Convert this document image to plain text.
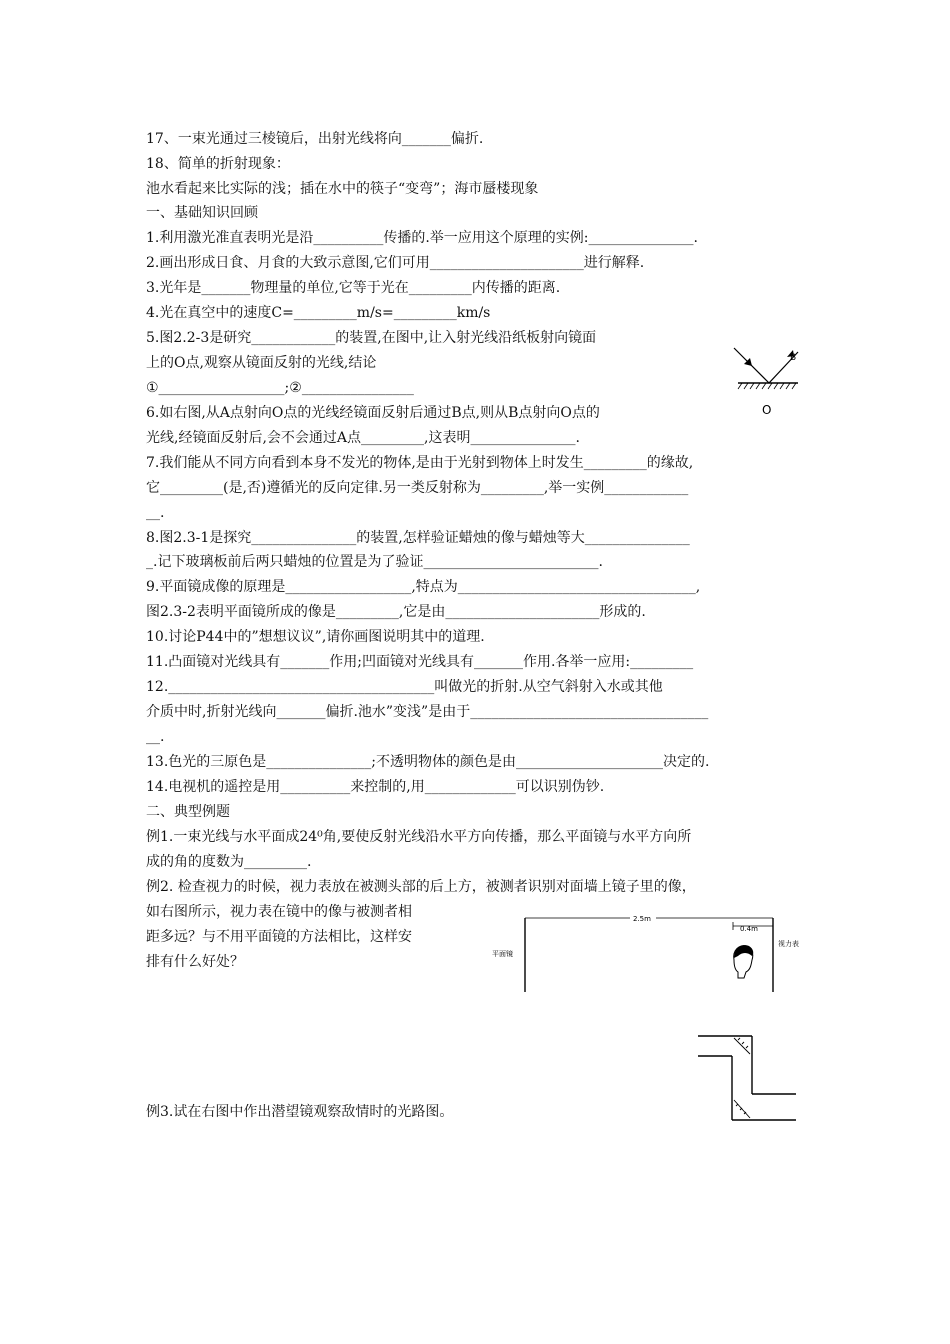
17、一束光通过三棱镜后，出射光线将向_______偏折.
18、简单的折射现象：
池水看起来比实际的浅；插在水中的筷子“变弯”；海市蜃楼现象
一、基础知识回顾
1.利用激光准直表明光是沿__________传播的.举一应用这个原理的实例:_______________.
2.画出形成日食、月食的大致示意图,它们可用______________________进行解释.
3.光年是_______物理量的单位,它等于光在_________内传播的距离.
4.光在真空中的速度C=_________m/s=_________km/s
5.图2.2-3是研究____________的装置,在图中,让入射光线沿纸板射向镜面
上的O点,观察从镜面反射的光线,结论
①__________________;②________________
6.如右图,从A点射向O点的光线经镜面反射后通过B点,则从B点射向O点的
光线,经镜面反射后,会不会通过A点_________,这表明_______________.
7.我们能从不同方向看到本身不发光的物体,是由于光射到物体上时发生_________的缘故,
它_________(是,否)遵循光的反向定律.另一类反射称为_________,举一实例____________
__.
8.图2.3-1是探究_______________的装置,怎样验证蜡烛的像与蜡烛等大_______________
_.记下玻璃板前后两只蜡烛的位置是为了验证_________________________.
9.平面镜成像的原理是__________________,特点为__________________________________,
图2.3-2表明平面镜所成的像是_________,它是由______________________形成的.
10.讨论P44中的”想想议议”,请你画图说明其中的道理.
11.凸面镜对光线具有_______作用;凹面镜对光线具有_______作用.各举一应用:_________
12.______________________________________叫做光的折射.从空气斜射入水或其他
介质中时,折射光线向_______偏折.池水”变浅”是由于__________________________________
__.
13.色光的三原色是_______________;不透明物体的颜色是由_____________________决定的.
14.电视机的遥控是用__________来控制的,用_____________可以识别伪钞.
二、典型例题
例1.一束光线与水平面成24⁰角,要使反射光线沿水平方向传播，那么平面镜与水平方向所
成的角的度数为_________.
例2. 检查视力的时候，视力表放在被测头部的后上方，被测者识别对面墙上镜子里的像，
如右图所示，视力表在镜中的像与被测者相
距多远？与不用平面镜的方法相比，这样安
排有什么好处？
例3.试在右图中作出潜望镜观察敌情时的光路图。
B
O
2.5m
0.4m
平面镜
视力表
